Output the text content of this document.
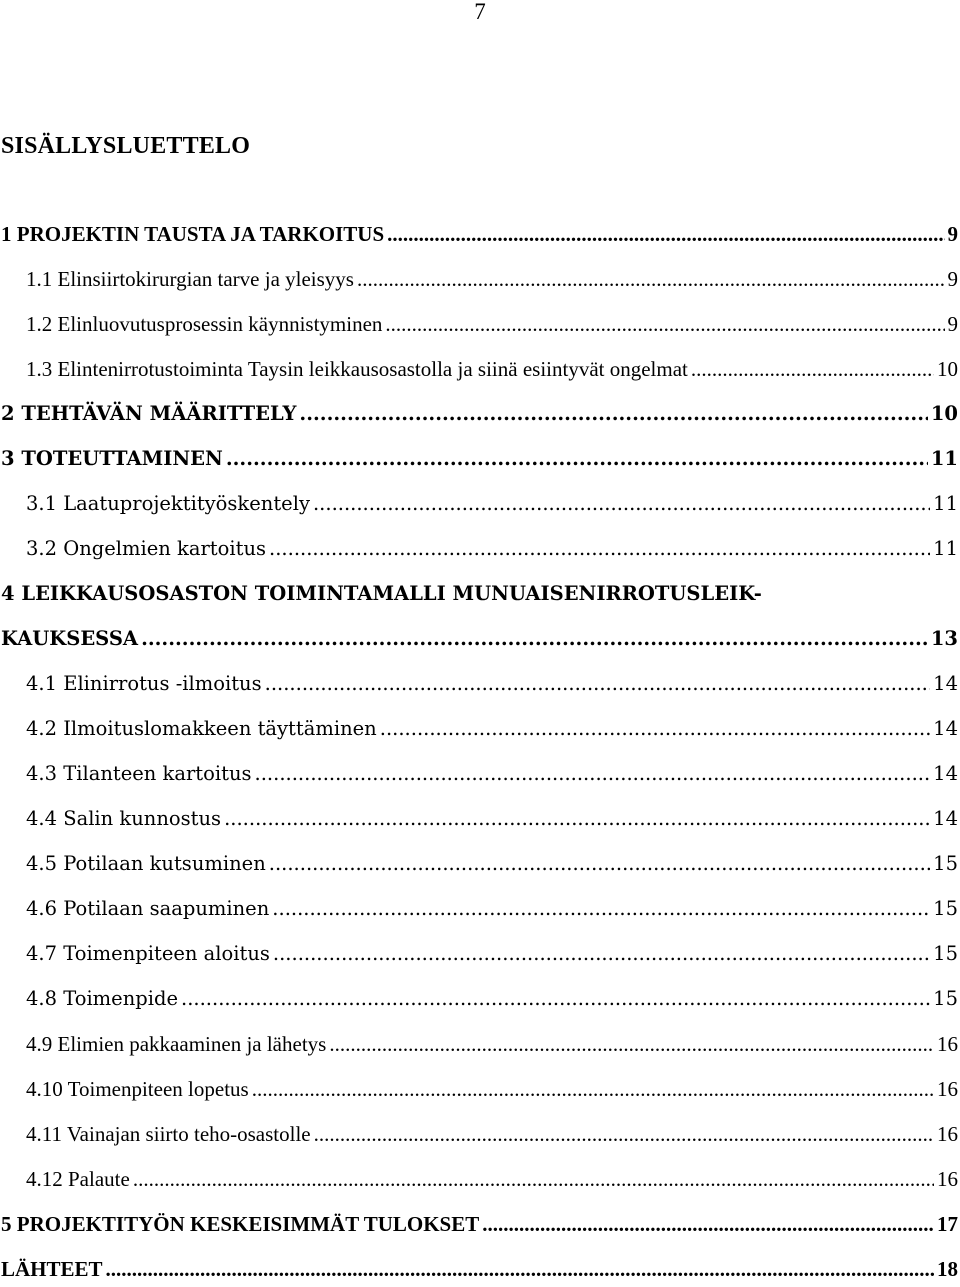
7
SISÄLLYSLUETTELO
1 PROJEKTIN TAUSTA JA TARKOITUS .....	9
1.1 Elinsiirtokirurgian tarve ja yleisyys .....	9
1.2 Elinluovutusprosessin käynnistyminen .....	9
1.3 Elintenirrotustoiminta Taysin leikkausosastolla ja siinä esiintyvät ongelmat .....	10
2 TEHTÄVÄN MÄÄRITTELY .....	10
3 TOTEUTTAMINEN .....	11
3.1 Laatuprojektityöskentely .....	11
3.2 Ongelmien kartoitus .....	11
4 LEIKKAUSOSASTON TOIMINTAMALLI MUNUAISENIRROTUSLEIK-
KAUKSESSA .....	13
4.1 Elinirrotus -ilmoitus .....	14
4.2 Ilmoituslomakkeen täyttäminen .....	14
4.3 Tilanteen kartoitus .....	14
4.4 Salin kunnostus .....	14
4.5 Potilaan kutsuminen .....	15
4.6 Potilaan saapuminen .....	15
4.7 Toimenpiteen aloitus .....	15
4.8 Toimenpide .....	15
4.9 Elimien pakkaaminen ja lähetys .....	16
4.10 Toimenpiteen lopetus .....	16
4.11 Vainajan siirto teho-osastolle .....	16
4.12 Palaute .....	16
5 PROJEKTITYÖN KESKEISIMMÄT TULOKSET .....	17
LÄHTEET .....	18
